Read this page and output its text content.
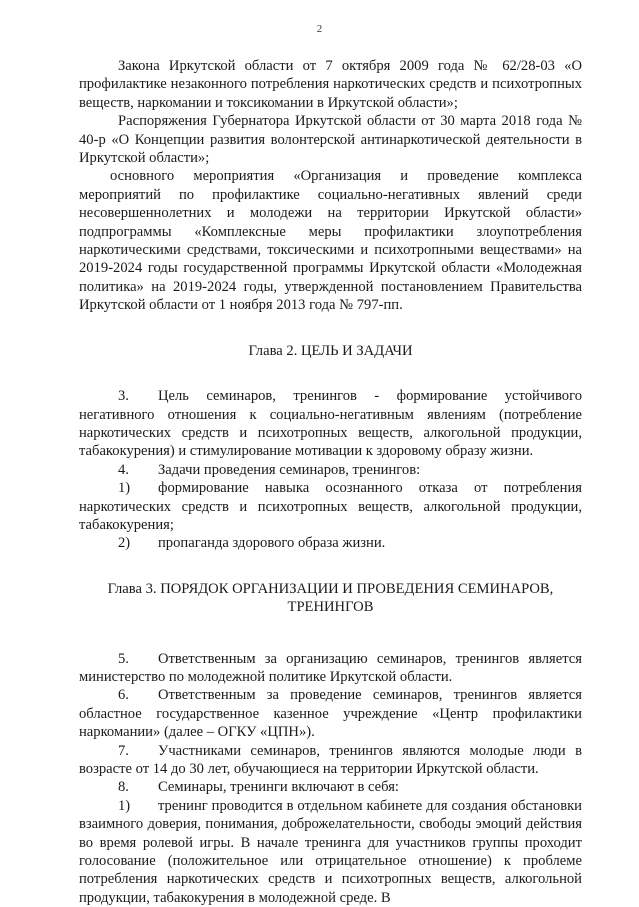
2

Закона Иркутской области от 7 октября 2009 года № 62/28-03 «О профилактике незаконного потребления наркотических средств и психотропных веществ, наркомании и токсикомании в Иркутской области»;

Распоряжения Губернатора Иркутской области от 30 марта 2018 года № 40-р «О Концепции развития волонтерской антинаркотической деятельности в Иркутской области»;

основного мероприятия «Организация и проведение комплекса мероприятий по профилактике социально-негативных явлений среди несовершеннолетних и молодежи на территории Иркутской области» подпрограммы «Комплексные меры профилактики злоупотребления наркотическими средствами, токсическими и психотропными веществами» на 2019-2024 годы государственной программы Иркутской области «Молодежная политика» на 2019-2024 годы, утвержденной постановлением Правительства Иркутской области от 1 ноября 2013 года № 797-пп.

Глава 2. ЦЕЛЬ И ЗАДАЧИ

3. Цель семинаров, тренингов - формирование устойчивого негативного отношения к социально-негативным явлениям (потребление наркотических средств и психотропных веществ, алкогольной продукции, табакокурения) и стимулирование мотивации к здоровому образу жизни.

4. Задачи проведения семинаров, тренингов:

1) формирование навыка осознанного отказа от потребления наркотических средств и психотропных веществ, алкогольной продукции, табакокурения;

2) пропаганда здорового образа жизни.

Глава 3. ПОРЯДОК ОРГАНИЗАЦИИ И ПРОВЕДЕНИЯ СЕМИНАРОВ,

ТРЕНИНГОВ

5. Ответственным за организацию семинаров, тренингов является министерство по молодежной политике Иркутской области.

6. Ответственным за проведение семинаров, тренингов является областное государственное казенное учреждение «Центр профилактики наркомании» (далее – ОГКУ «ЦПН»).

7. Участниками семинаров, тренингов являются молодые люди в возрасте от 14 до 30 лет, обучающиеся на территории Иркутской области.

8. Семинары, тренинги включают в себя:

1) тренинг проводится в отдельном кабинете для создания обстановки взаимного доверия, понимания, доброжелательности, свободы эмоций действия во время ролевой игры. В начале тренинга для участников группы проходит голосование (положительное или отрицательное отношение) к проблеме потребления наркотических средств и психотропных веществ, алкогольной продукции, табакокурения в молодежной среде. В
